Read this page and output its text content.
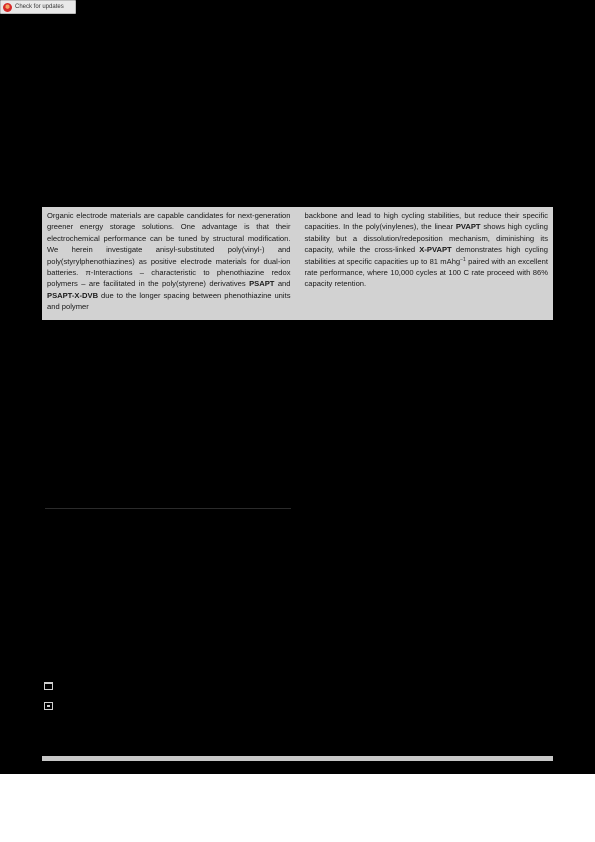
Check for updates
Organic electrode materials are capable candidates for next-generation greener energy storage solutions. One advantage is that their electrochemical performance can be tuned by structural modification. We herein investigate anisyl-substituted poly(vinyl-) and poly(styrylphenothiazines) as positive electrode materials for dual-ion batteries. π-Interactions – characteristic to phenothiazine redox polymers – are facilitated in the poly(styrene) derivatives PSAPT and PSAPT-X-DVB due to the longer spacing between phenothiazine units and polymer
backbone and lead to high cycling stabilities, but reduce their specific capacities. In the poly(vinylenes), the linear PVAPT shows high cycling stability but a dissolution/redeposition mechanism, diminishing its capacity, while the cross-linked X-PVAPT demonstrates high cycling stabilities at specific capacities up to 81 mAhg$^{-1}$ paired with an excellent rate performance, where 10,000 cycles at 100 C rate proceed with 86% capacity retention.
